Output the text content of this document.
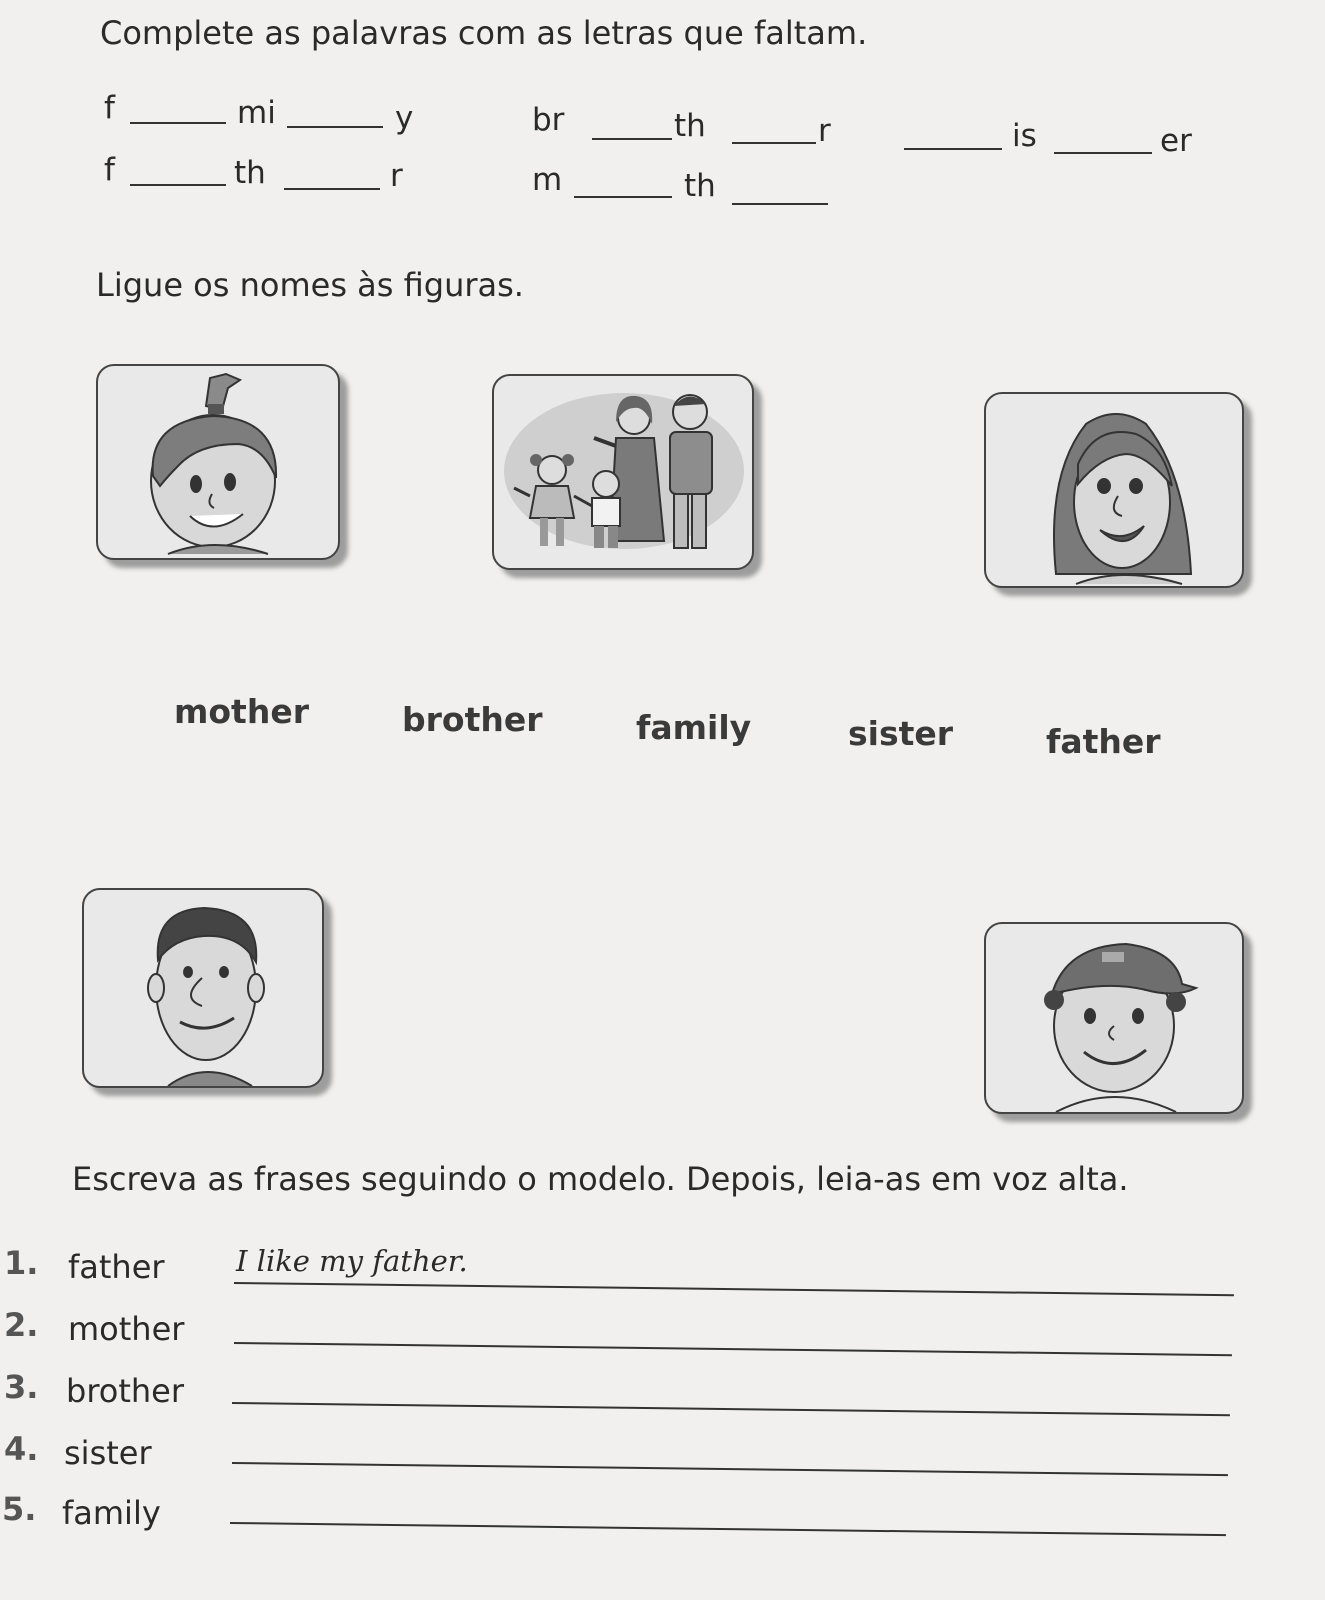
Complete as palavras com as letras que faltam.
f	mi	y	br	th	r	is	er
f	th	r	m	th
Ligue os nomes às figuras.
mother	brother	family	sister	father
Escreva as frases seguindo o modelo. Depois, leia-as em voz alta.
1. father I like my father.
2. mother
3. brother
4. sister
5. family
